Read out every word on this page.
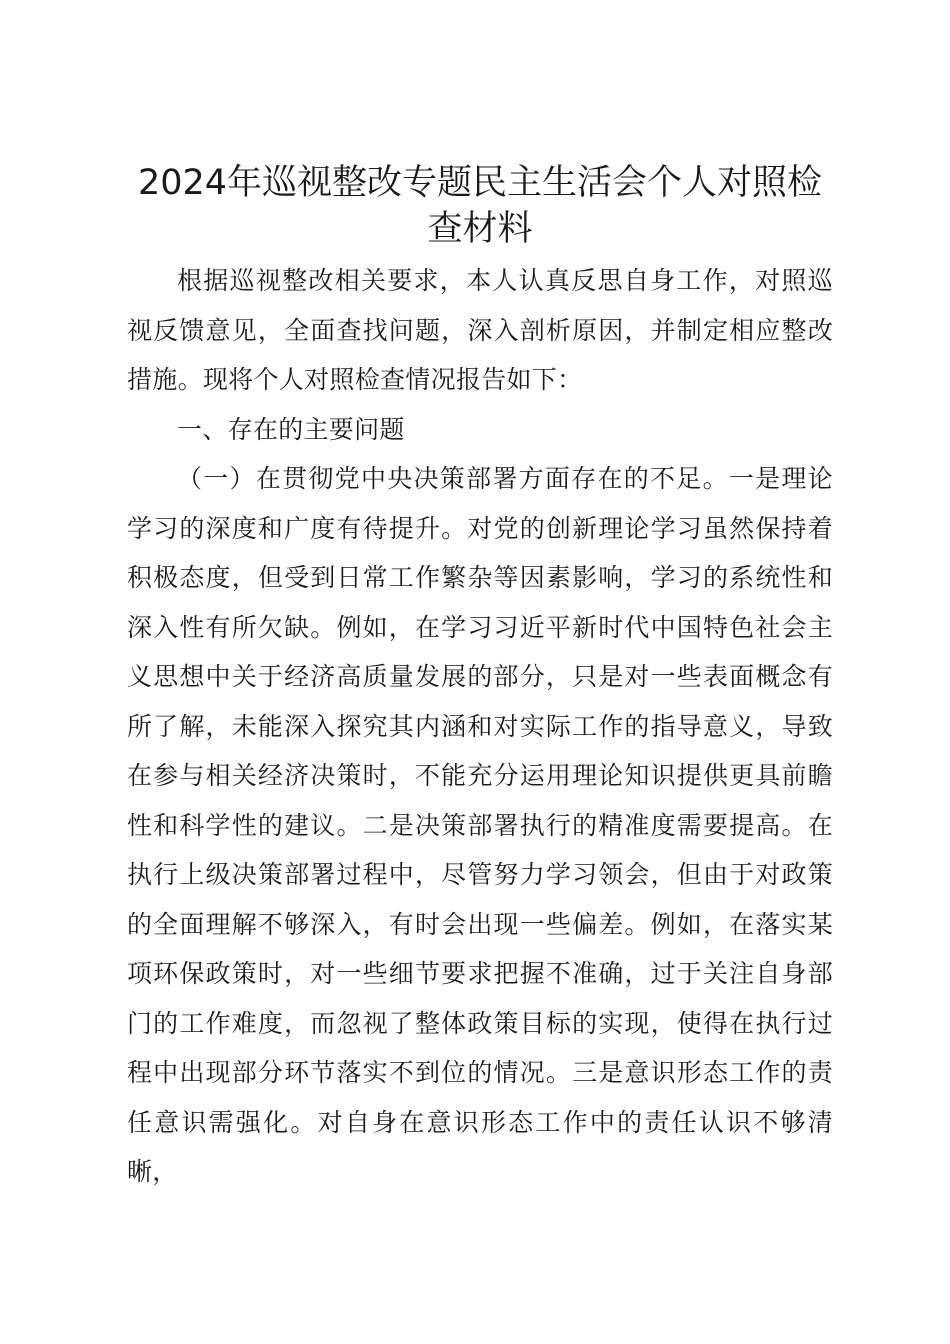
2024年巡视整改专题民主生活会个人对照检
查材料

根据巡视整改相关要求，本人认真反思自身工作，对照巡视反馈意见，全面查找问题，深入剖析原因，并制定相应整改措施。现将个人对照检查情况报告如下：

一、存在的主要问题

（一）在贯彻党中央决策部署方面存在的不足。一是理论学习的深度和广度有待提升。对党的创新理论学习虽然保持着积极态度，但受到日常工作繁杂等因素影响，学习的系统性和深入性有所欠缺。例如，在学习习近平新时代中国特色社会主义思想中关于经济高质量发展的部分，只是对一些表面概念有所了解，未能深入探究其内涵和对实际工作的指导意义，导致在参与相关经济决策时，不能充分运用理论知识提供更具前瞻性和科学性的建议。二是决策部署执行的精准度需要提高。在执行上级决策部署过程中，尽管努力学习领会，但由于对政策的全面理解不够深入，有时会出现一些偏差。例如，在落实某项环保政策时，对一些细节要求把握不准确，过于关注自身部门的工作难度，而忽视了整体政策目标的实现，使得在执行过程中出现部分环节落实不到位的情况。三是意识形态工作的责任意识需强化。对自身在意识形态工作中的责任认识不够清晰，
